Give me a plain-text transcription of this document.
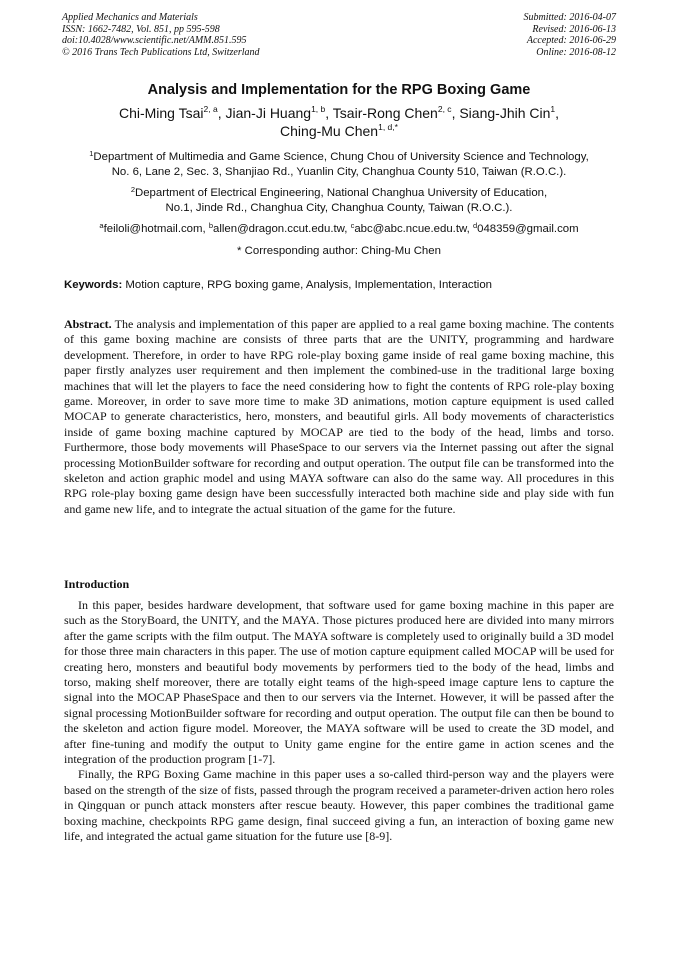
Applied Mechanics and Materials
ISSN: 1662-7482, Vol. 851, pp 595-598
doi:10.4028/www.scientific.net/AMM.851.595
© 2016 Trans Tech Publications Ltd, Switzerland
Submitted: 2016-04-07
Revised: 2016-06-13
Accepted: 2016-06-29
Online: 2016-08-12
Analysis and Implementation for the RPG Boxing Game
Chi-Ming Tsai$^{2, a}$, Jian-Ji Huang$^{1, b}$, Tsair-Rong Chen$^{2, c}$, Siang-Jhih Cin$^1$,
Ching-Mu Chen$^{1, d,*}$
$^1$Department of Multimedia and Game Science, Chung Chou of University Science and Technology,
No. 6, Lane 2, Sec. 3, Shanjiao Rd., Yuanlin City, Changhua County 510, Taiwan (R.O.C.).
$^2$Department of Electrical Engineering, National Changhua University of Education,
No.1, Jinde Rd., Changhua City, Changhua County, Taiwan (R.O.C.).
$^a$feiloli@hotmail.com, $^b$allen@dragon.ccut.edu.tw, $^c$abc@abc.ncue.edu.tw, $^d$048359@gmail.com
* Corresponding author: Ching-Mu Chen
Keywords: Motion capture, RPG boxing game, Analysis, Implementation, Interaction
Abstract. The analysis and implementation of this paper are applied to a real game boxing machine. The contents of this game boxing machine are consists of three parts that are the UNITY, programming and hardware development. Therefore, in order to have RPG role-play boxing game inside of real game boxing machine, this paper firstly analyzes user requirement and then implement the combined-use in the traditional large boxing machines that will let the players to face the need considering how to fight the contents of RPG role-play boxing game. Moreover, in order to save more time to make 3D animations, motion capture equipment is used called MOCAP to generate characteristics, hero, monsters, and beautiful girls. All body movements of characteristics inside of game boxing machine captured by MOCAP are tied to the body of the head, limbs and torso. Furthermore, those body movements will PhaseSpace to our servers via the Internet passing out after the signal processing MotionBuilder software for recording and output operation. The output file can be transformed into the skeleton and action graphic model and using MAYA software can also do the same way. All procedures in this RPG role-play boxing game design have been successfully interacted both machine side and play side with fun and game new life, and to integrate the actual situation of the game for the future.
Introduction
In this paper, besides hardware development, that software used for game boxing machine in this paper are such as the StoryBoard, the UNITY, and the MAYA. Those pictures produced here are divided into many mirrors after the game scripts with the film output. The MAYA software is completely used to originally build a 3D model for those three main characters in this paper. The use of motion capture equipment called MOCAP will be used for creating hero, monsters and beautiful body movements by performers tied to the body of the head, limbs and torso, making shelf moreover, there are totally eight teams of the high-speed image capture lens to capture the signal into the MOCAP PhaseSpace and then to our servers via the Internet. However, it will be passed after the signal processing MotionBuilder software for recording and output operation. The output file can then be bound to the skeleton and action figure model. Moreover, the MAYA software will be used to create the 3D model, and after fine-tuning and modify the output to Unity game engine for the entire game in action scenes and the integration of the production program [1-7].
Finally, the RPG Boxing Game machine in this paper uses a so-called third-person way and the players were based on the strength of the size of fists, passed through the program received a parameter-driven action hero roles in Qingquan or punch attack monsters after rescue beauty. However, this paper combines the traditional game boxing machine, checkpoints RPG game design, final succeed giving a fun, an interaction of boxing game new life, and integrated the actual game situation for the future use [8-9].
